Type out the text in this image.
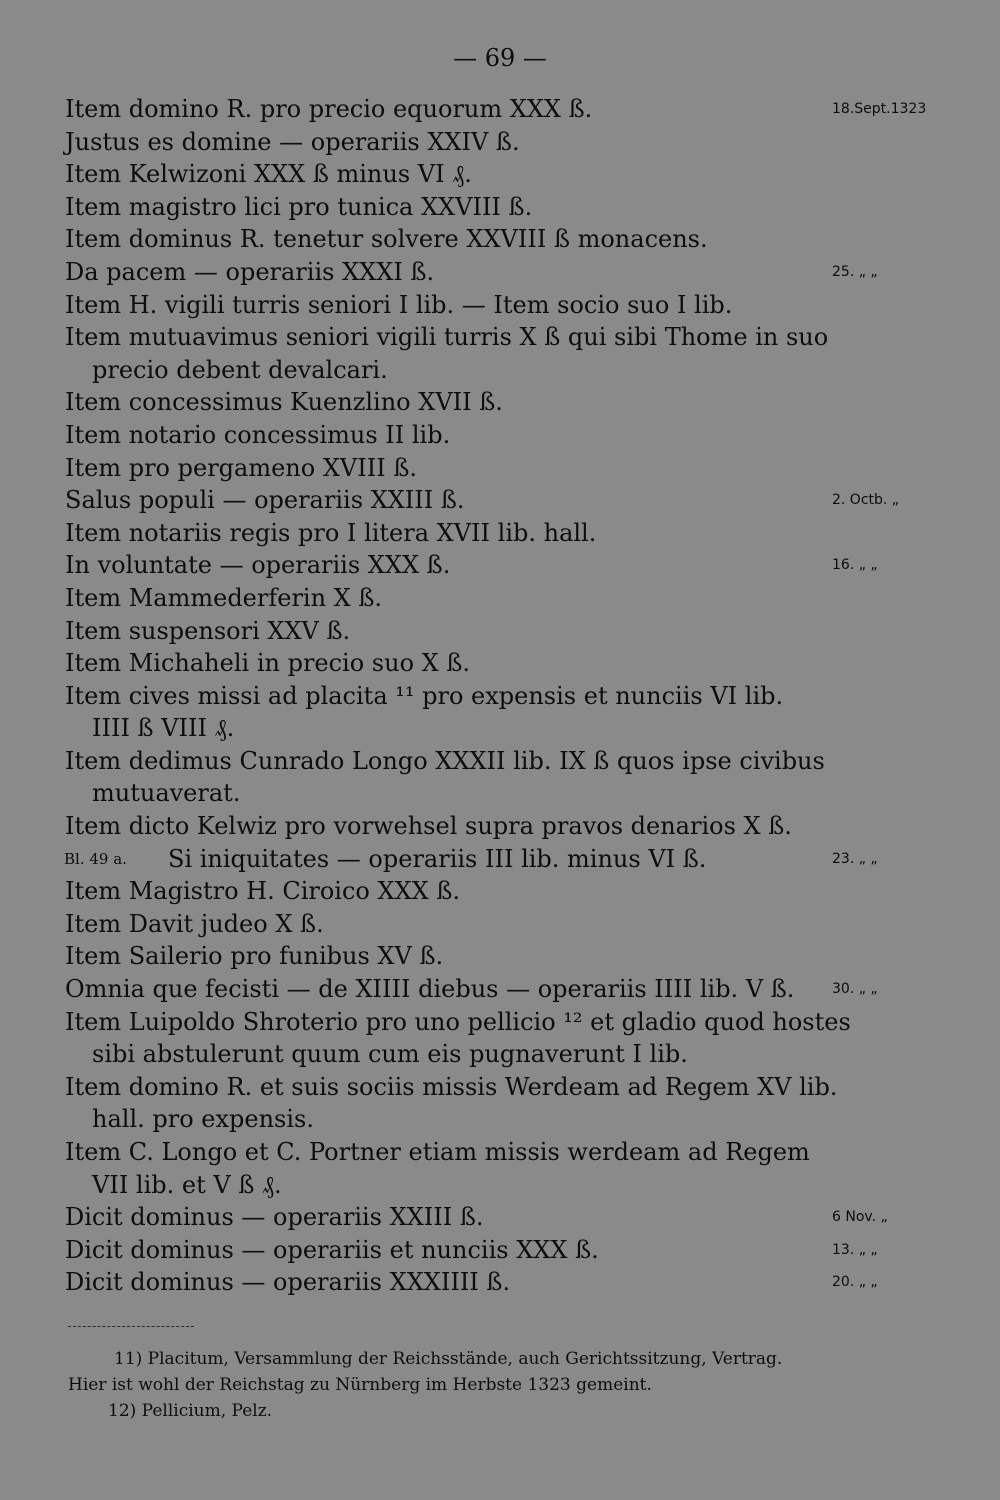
— 69 —
Item domino R. pro precio equorum XXX ß.	18.Sept.1323
Justus es domine — operariis XXIV ß.
Item Kelwizoni XXX ß minus VI ₰.
Item magistro lici pro tunica XXVIII ß.
Item dominus R. tenetur solvere XXVIII ß monacens.
Da pacem — operariis XXXI ß.	25. „ „
Item H. vigili turris seniori I lib. — Item socio suo I lib.
Item mutuavimus seniori vigili turris X ß qui sibi Thome in suo
precio debent devalcari.
Item concessimus Kuenzlino XVII ß.
Item notario concessimus II lib.
Item pro pergameno XVIII ß.
Salus populi — operariis XXIII ß.	2. Octb. „
Item notariis regis pro I litera XVII lib. hall.
In voluntate — operariis XXX ß.	16. „ „
Item Mammederferin X ß.
Item suspensori XXV ß.
Item Michaheli in precio suo X ß.
Item cives missi ad placita ¹¹ pro expensis et nunciis VI lib.
IIII ß VIII ₰.
Item dedimus Cunrado Longo XXXII lib. IX ß quos ipse civibus
mutuaverat.
Item dicto Kelwiz pro vorwehsel supra pravos denarios X ß.
Bl. 49 a. Si iniquitates — operariis III lib. minus VI ß.	23. „ „
Item Magistro H. Ciroico XXX ß.
Item Davit judeo X ß.
Item Sailerio pro funibus XV ß.
Omnia que fecisti — de XIIII diebus — operariis IIII lib. V ß.	30. „ „
Item Luipoldo Shroterio pro uno pellicio ¹² et gladio quod hostes
sibi abstulerunt quum cum eis pugnaverunt I lib.
Item domino R. et suis sociis missis Werdeam ad Regem XV lib.
hall. pro expensis.
Item C. Longo et C. Portner etiam missis werdeam ad Regem
VII lib. et V ß ₰.
Dicit dominus — operariis XXIII ß.	6 Nov. „
Dicit dominus — operariis et nunciis XXX ß.	13. „ „
Dicit dominus — operariis XXXIIII ß.	20. „ „
11) Placitum, Versammlung der Reichsstände, auch Gerichtssitzung, Vertrag.
Hier ist wohl der Reichstag zu Nürnberg im Herbste 1323 gemeint.
12) Pellicium, Pelz.
